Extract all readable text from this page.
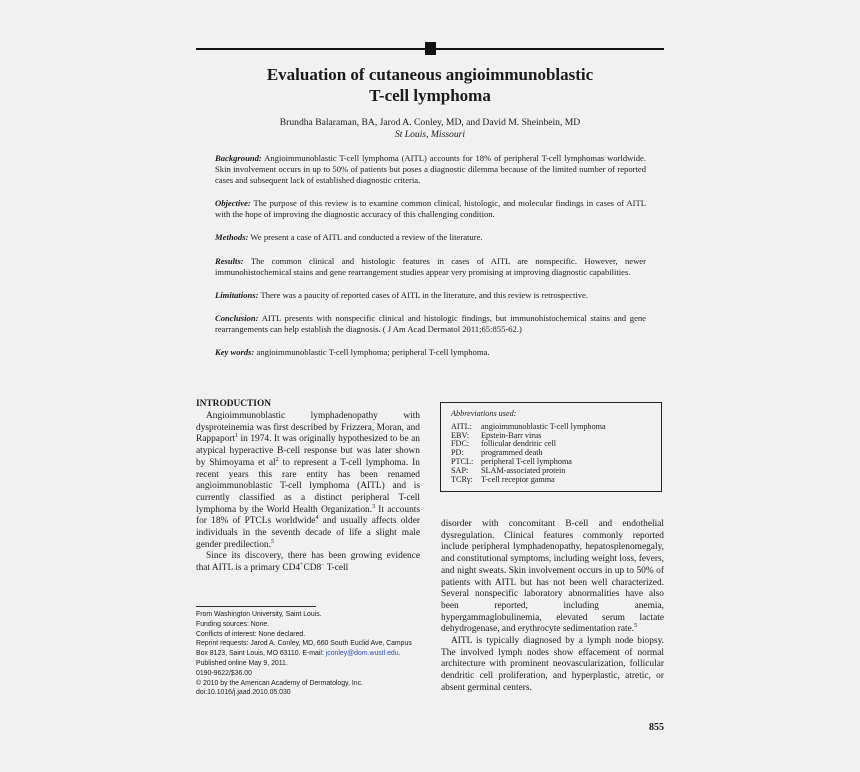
Evaluation of cutaneous angioimmunoblastic
T-cell lymphoma
Brundha Balaraman, BA, Jarod A. Conley, MD, and David M. Sheinbein, MD
St Louis, Missouri

Background: Angioimmunoblastic T-cell lymphoma (AITL) accounts for 18% of peripheral T-cell lymphomas worldwide. Skin involvement occurs in up to 50% of patients but poses a diagnostic dilemma because of the limited number of reported cases and subsequent lack of established diagnostic criteria.

Objective: The purpose of this review is to examine common clinical, histologic, and molecular findings in cases of AITL with the hope of improving the diagnostic accuracy of this challenging condition.

Methods: We present a case of AITL and conducted a review of the literature.

Results: The common clinical and histologic features in cases of AITL are nonspecific. However, newer immunohistochemical stains and gene rearrangement studies appear very promising at improving diagnostic capabilities.

Limitations: There was a paucity of reported cases of AITL in the literature, and this review is retrospective.

Conclusion: AITL presents with nonspecific clinical and histologic findings, but immunohistochemical stains and gene rearrangements can help establish the diagnosis. ( J Am Acad Dermatol 2011;65:855-62.)

Key words: angioimmunoblastic T-cell lymphoma; peripheral T-cell lymphoma.

INTRODUCTION

Angioimmunoblastic lymphadenopathy with dysproteinemia was first described by Frizzera, Moran, and Rappaport$^1$ in 1974. It was originally hypothesized to be an atypical hyperactive B-cell response but was later shown by Shimoyama et $al^2$ to represent a T-cell lymphoma. In recent years this rare entity has been renamed angioimmunoblastic T-cell lymphoma (AITL) and is currently classified as a distinct peripheral T-cell lymphoma by the World Health Organization.$^3$ It accounts for 18% of PTCLs worldwide$^4$ and usually affects older individuals in the seventh decade of life a slight male gender predilection.$^5$

Since its discovery, there has been growing evidence that AITL is a primary CD4+CD8− T-cell

Abbreviations used:
AITL:	angioimmunoblastic T-cell lymphoma
EBV:	Epstein-Barr virus
FDC:	follicular dendritic cell
PD:	programmed death
PTCL: peripheral T-cell lymphoma
SAP:	SLAM-associated protein
TCRγ: T-cell receptor gamma

disorder with concomitant B-cell and endothelial dysregulation. Clinical features commonly reported include peripheral lymphadenopathy, hepatosplenomegaly, and constitutional symptoms, including weight loss, fevers, and night sweats. Skin involvement occurs in up to 50% of patients with AITL but has not been well characterized. Several nonspecific laboratory abnormalities have also been reported, including anemia, hypergammaglobulinemia, elevated serum lactate dehydrogenase, and erythrocyte sedimentation rate.$^5$

AITL is typically diagnosed by a lymph node biopsy. The involved lymph nodes show effacement of normal architecture with prominent neovascularization, follicular dendritic cell proliferation, and hyperplastic, atretic, or absent germinal centers.

From Washington University, Saint Louis.
Funding sources: None.
Conflicts of interest: None declared.
Reprint requests: Jarod A. Conley, MD, 660 South Euclid Ave, Campus Box 8123, Saint Louis, MO 63110. E-mail: jconley@dom.wustl.edu.
Published online May 9, 2011.
0190-9622/$36.00
© 2010 by the American Academy of Dermatology, Inc.
doi:10.1016/j.jaad.2010.05.030
855
